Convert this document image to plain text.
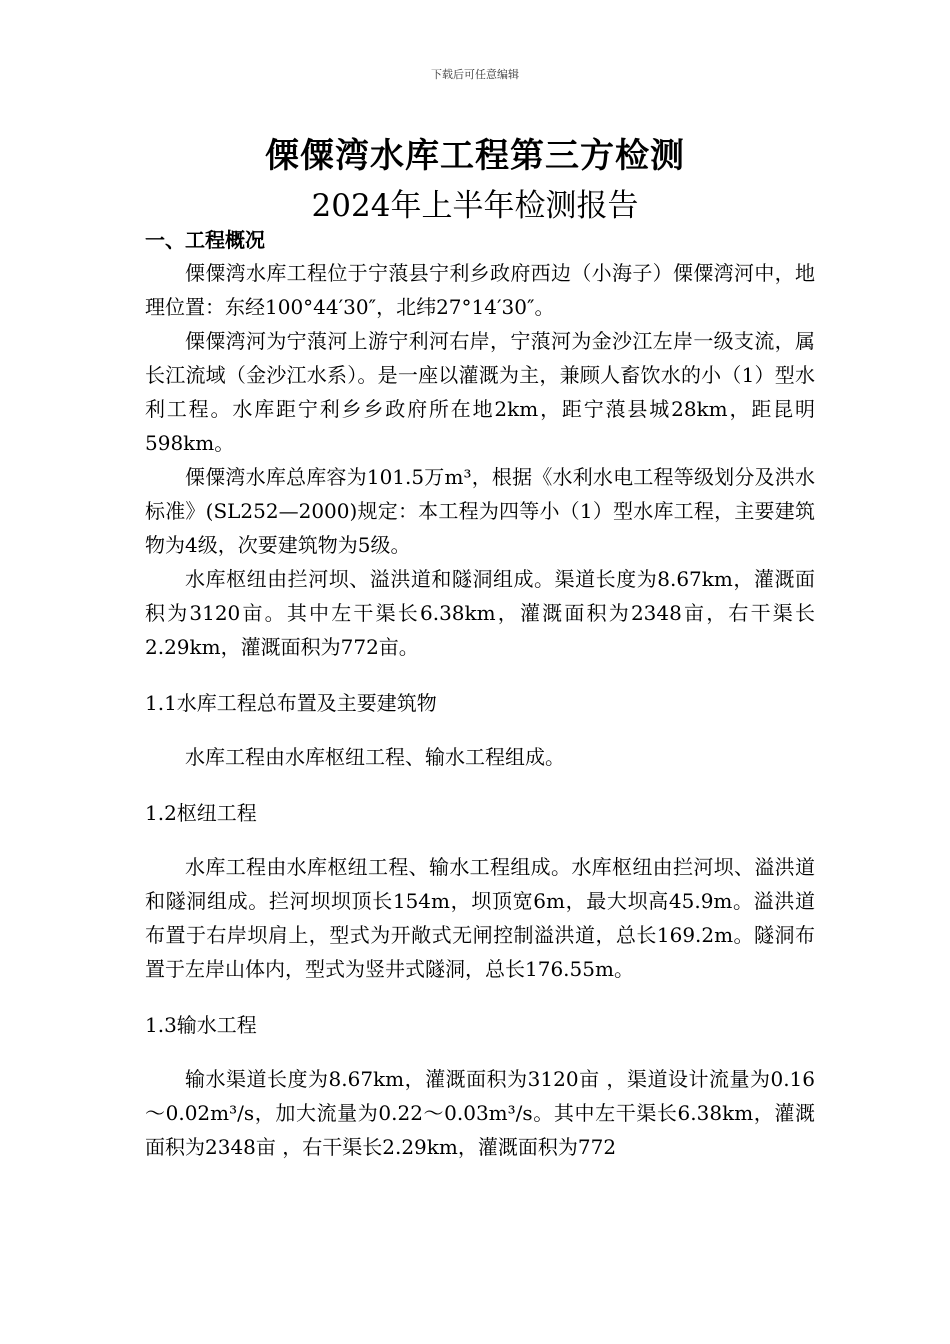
下载后可任意编辑
傈僳湾水库工程第三方检测
2024年上半年检测报告

一、工程概况

傈僳湾水库工程位于宁蒗县宁利乡政府西边（小海子）傈僳湾河中，地理位置：东经100°44′30″，北纬27°14′30″。

傈僳湾河为宁蒗河上游宁利河右岸，宁蒗河为金沙江左岸一级支流，属长江流域（金沙江水系）。是一座以灌溉为主，兼顾人畜饮水的小（1）型水利工程。水库距宁利乡乡政府所在地2km，距宁蒗县城28km，距昆明598km。

傈僳湾水库总库容为101.5万m³，根据《水利水电工程等级划分及洪水标准》(SL252—2000)规定：本工程为四等小（1）型水库工程，主要建筑物为4级，次要建筑物为5级。

水库枢纽由拦河坝、溢洪道和隧洞组成。渠道长度为8.67km，灌溉面积为3120亩。其中左干渠长6.38km，灌溉面积为2348亩，右干渠长2.29km，灌溉面积为772亩。

1.1水库工程总布置及主要建筑物

水库工程由水库枢纽工程、输水工程组成。

1.2枢纽工程

水库工程由水库枢纽工程、输水工程组成。水库枢纽由拦河坝、溢洪道和隧洞组成。拦河坝坝顶长154m，坝顶宽6m，最大坝高45.9m。溢洪道布置于右岸坝肩上，型式为开敞式无闸控制溢洪道，总长169.2m。隧洞布置于左岸山体内，型式为竖井式隧洞，总长176.55m。

1.3输水工程

输水渠道长度为8.67km，灌溉面积为3120亩 ，渠道设计流量为0.16～0.02m³/s，加大流量为0.22～0.03m³/s。其中左干渠长6.38km，灌溉面积为2348亩 ，右干渠长2.29km，灌溉面积为772
